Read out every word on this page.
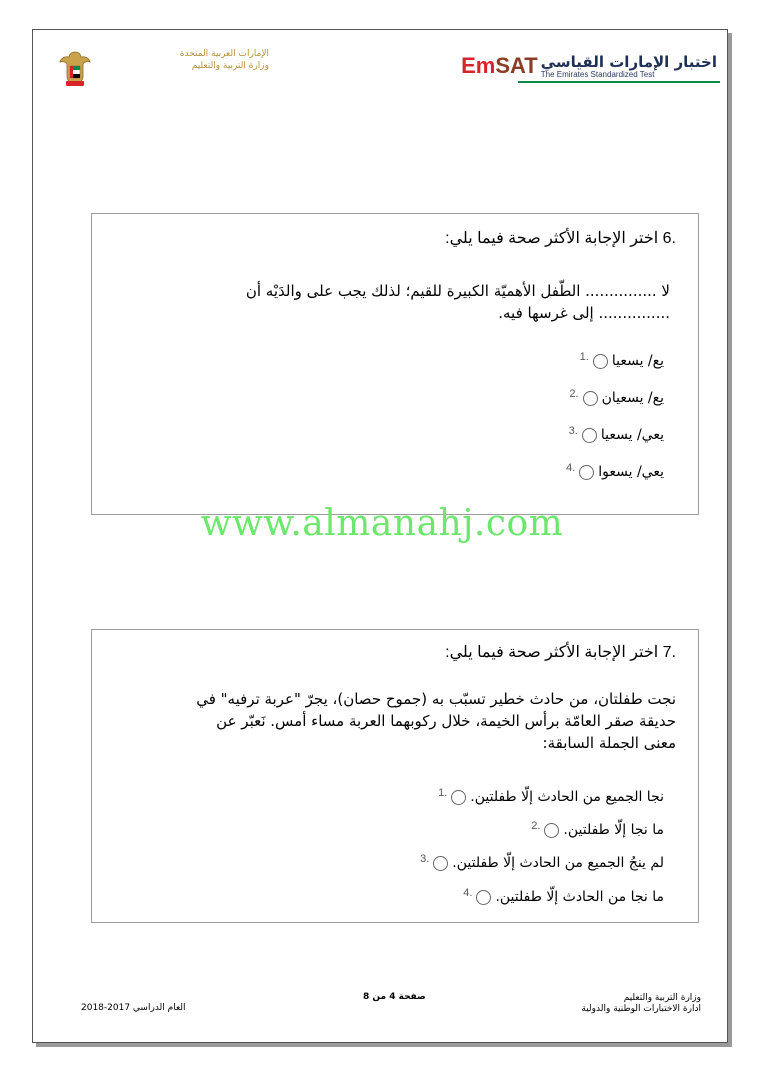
الإمارات العربية المتحدة
وزارة التربية والتعليم	اختبار الإمارات القياسي
The Emirates Standardized Test
EmSAT
6. اختر الإجابة الأكثر صحة فيما يلي:
لا ............... الطّفل الأهميّة الكبيرة للقيم؛ لذلك يجب على والدَيْه أن
............... إلى غرسها فيه.
1. يع/ يسعيا
2. يع/ يسعيان
3. يعي/ يسعيا
4. يعي/ يسعوا
7. اختر الإجابة الأكثر صحة فيما يلي:
نجت طفلتان، من حادث خطير تسبّب به (جموح حصان)، يجرّ "عربة ترفيه" في
حديقة صقر العامّة برأس الخيمة، خلال ركوبهما العربة مساء أمس. نَعبّر عن
معنى الجملة السابقة:
1. نجا الجميع من الحادث إلّا طفلتين.
2. ما نجا إلّا طفلتين.
3. لم ينجُ الجميع من الحادث إلّا طفلتين.
4. ما نجا من الحادث إلّا طفلتين.
صفحة 4 من 8	وزارة التربية والتعليم
ادارة الاختبارات الوطنية والدولية
العام الدراسي 2017-2018
www.almanahj.com
